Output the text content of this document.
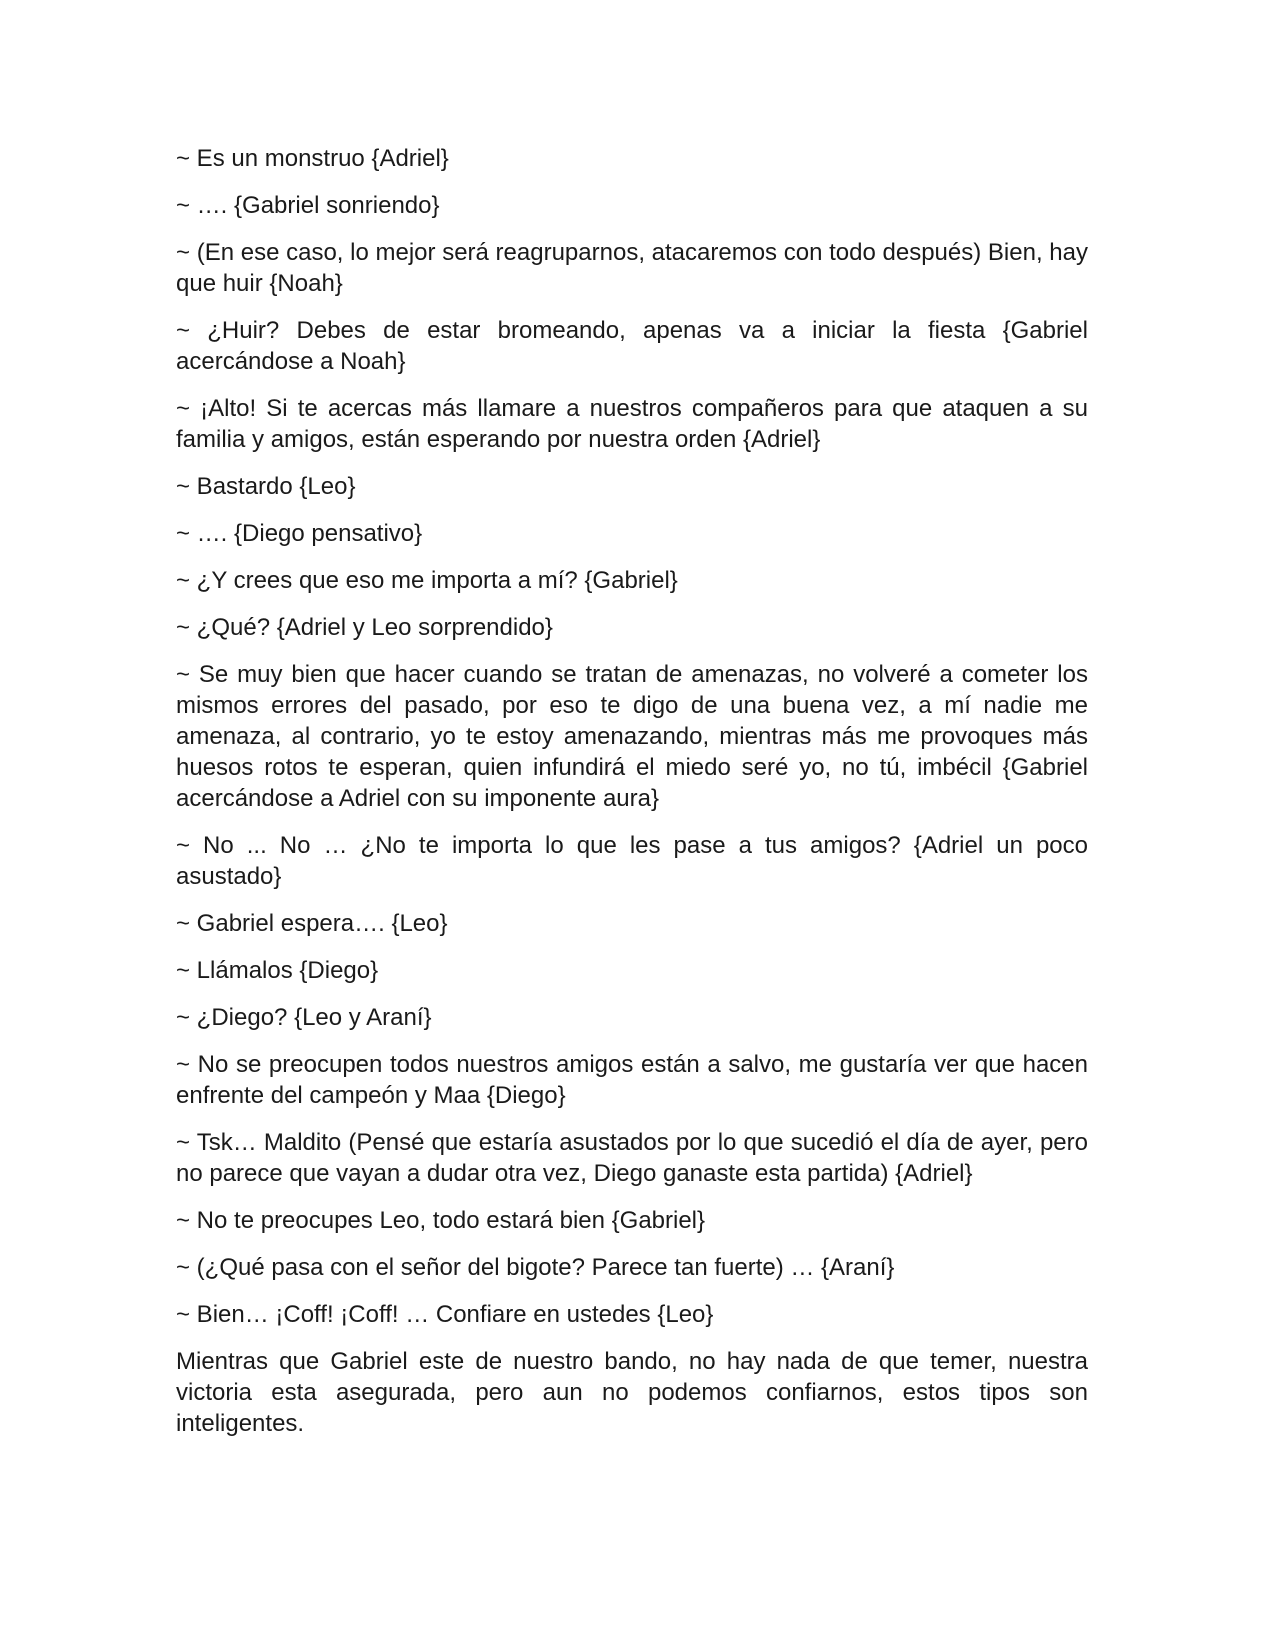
~ Es un monstruo {Adriel}

~ …. {Gabriel sonriendo}

~ (En ese caso, lo mejor será reagruparnos, atacaremos con todo después) Bien, hay que huir {Noah}

~ ¿Huir? Debes de estar bromeando, apenas va a iniciar la fiesta {Gabriel acercándose a Noah}

~ ¡Alto! Si te acercas más llamare a nuestros compañeros para que ataquen a su familia y amigos, están esperando por nuestra orden {Adriel}

~ Bastardo {Leo}

~ …. {Diego pensativo}

~ ¿Y crees que eso me importa a mí? {Gabriel}

~ ¿Qué? {Adriel y Leo sorprendido}

~ Se muy bien que hacer cuando se tratan de amenazas, no volveré a cometer los mismos errores del pasado, por eso te digo de una buena vez, a mí nadie me amenaza, al contrario, yo te estoy amenazando, mientras más me provoques más huesos rotos te esperan, quien infundirá el miedo seré yo, no tú, imbécil {Gabriel acercándose a Adriel con su imponente aura}

~ No ... No … ¿No te importa lo que les pase a tus amigos? {Adriel un poco asustado}

~ Gabriel espera…. {Leo}

~ Llámalos {Diego}

~ ¿Diego? {Leo y Araní}

~ No se preocupen todos nuestros amigos están a salvo, me gustaría ver que hacen enfrente del campeón y Maa {Diego}

~ Tsk… Maldito (Pensé que estaría asustados por lo que sucedió el día de ayer, pero no parece que vayan a dudar otra vez, Diego ganaste esta partida) {Adriel}

~ No te preocupes Leo, todo estará bien {Gabriel}

~ (¿Qué pasa con el señor del bigote? Parece tan fuerte) … {Araní}

~ Bien… ¡Coff! ¡Coff! … Confiare en ustedes {Leo}

Mientras que Gabriel este de nuestro bando, no hay nada de que temer, nuestra victoria esta asegurada, pero aun no podemos confiarnos, estos tipos son inteligentes.
